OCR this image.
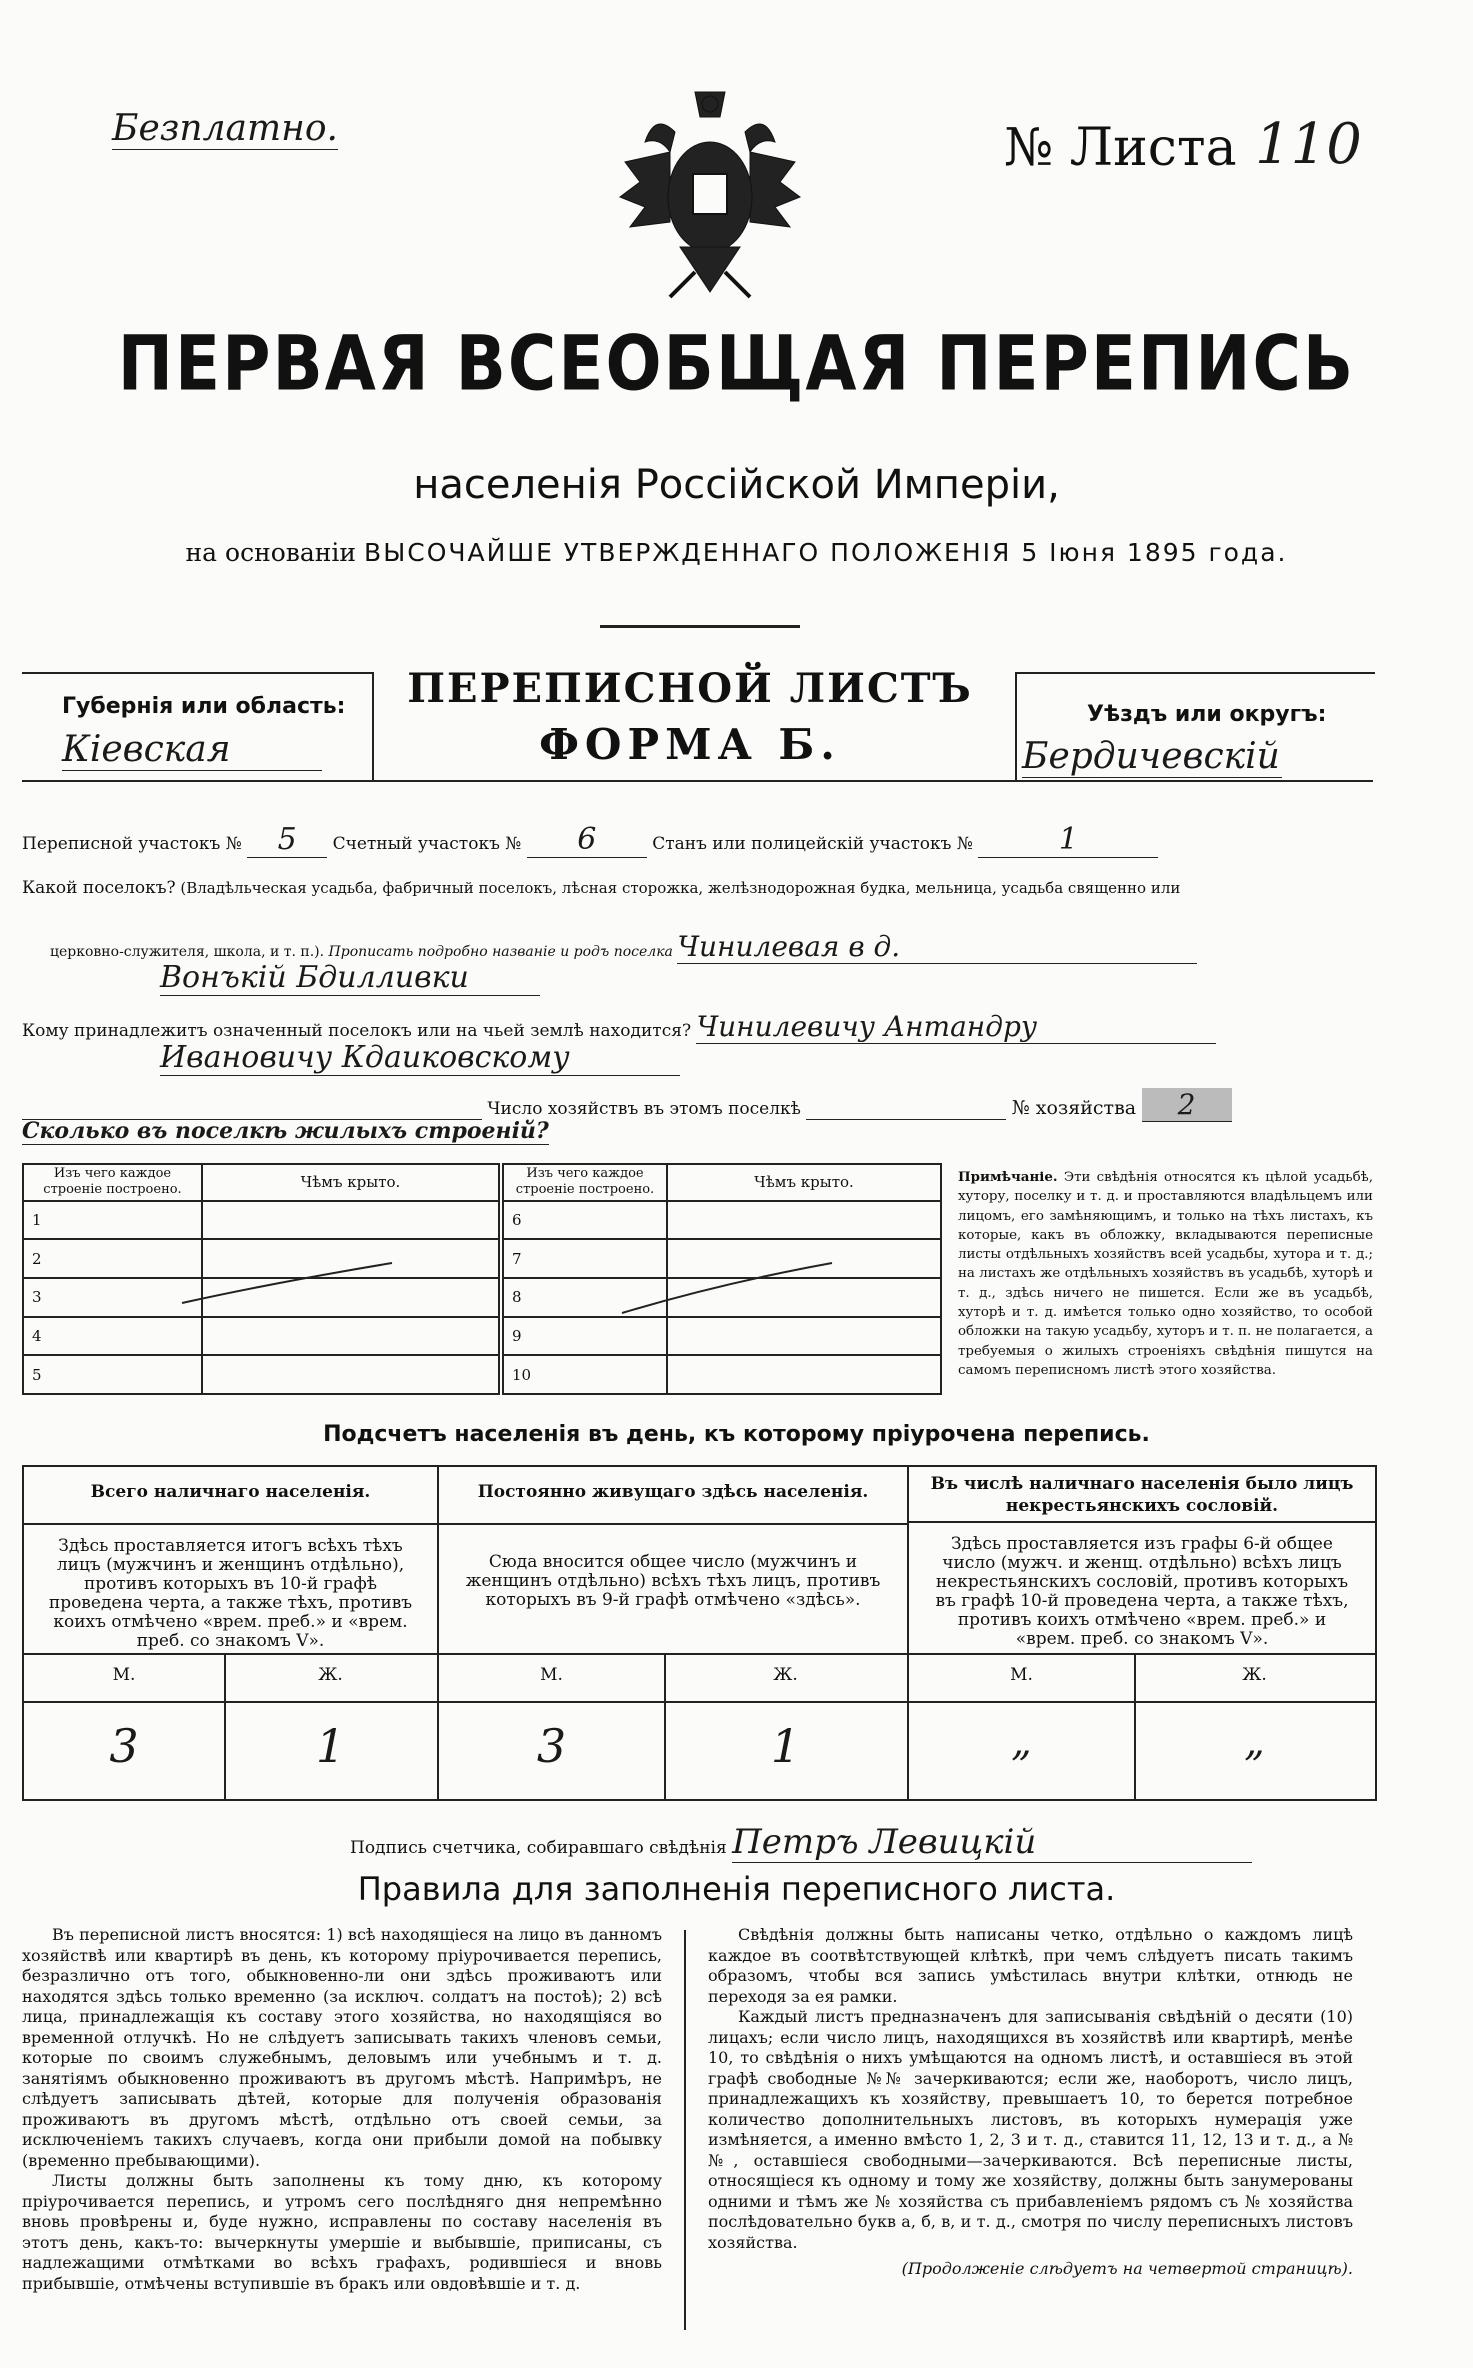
Безплатно.	№ Листа 110
ПЕРВАЯ ВСЕОБЩАЯ ПЕРЕПИСЬ
населенія Россійской Имперіи,
на основаніи ВЫСОЧАЙШЕ УТВЕРЖДЕННАГО ПОЛОЖЕНІЯ 5 Іюня 1895 года.
Губернія или область:
Кіевская
ПЕРЕПИСНОЙ ЛИСТЪ
ФОРМА Б.
Уѣздъ или округъ:
Бердичевскій
Переписной участокъ № 5 Счетный участокъ № 6	Станъ или полицейскій участокъ №	1
Какой поселокъ? (Владѣльческая усадьба, фабричный поселокъ, лѣсная сторожка, желѣзнодорожная будка, мельница, усадьба священно или
церковно-служителя, школа, и т. п.). Прописать подробно названіе и родъ поселка Чинилевая в д.
Вонъкій Бдилливки
Кому принадлежитъ означенный поселокъ или на чьей землѣ находится? Чинилевичу Антандру
Ивановичу Кдаиковскому
Число хозяйствъ въ этомъ поселкѣ	№ хозяйства 2
Сколько въ поселкѣ жилыхъ строеній?
Изъ чего каждое строеніе построено.	Чѣмъ крыто.
1	
2	
3	
4	
5	
Изъ чего каждое строеніе построено.	Чѣмъ крыто.
6	
7	
8	
9	
10	
Примѣчаніе. Эти свѣдѣнія относятся къ цѣлой усадьбѣ, хутору, поселку и т. д. и проставляются владѣльцемъ или лицомъ, его замѣняющимъ, и только на тѣхъ листахъ, къ которые, какъ въ обложку, вкладываются переписные листы отдѣльныхъ хозяйствъ всей усадьбы, хутора и т. д.; на листахъ же отдѣльныхъ хозяйствъ въ усадьбѣ, хуторѣ и т. д., здѣсь ничего не пишется. Если же въ усадьбѣ, хуторѣ и т. д. имѣется только одно хозяйство, то особой обложки на такую усадьбу, хуторъ и т. п. не полагается, а требуемыя о жилыхъ строеніяхъ свѣдѣнія пишутся на самомъ переписномъ листѣ этого хозяйства.
Подсчетъ населенія въ день, къ которому пріурочена перепись.
Всего наличнаго населенія.
Здѣсь проставляется итогъ всѣхъ тѣхъ лицъ (мужчинъ и женщинъ отдѣльно), противъ которыхъ въ 10-й графѣ проведена черта, а также тѣхъ, противъ коихъ отмѣчено «врем. преб.» и «врем. преб. со знакомъ V».
Постоянно живущаго здѣсь населенія.
Сюда вносится общее число (мужчинъ и женщинъ отдѣльно) всѣхъ тѣхъ лицъ, противъ которыхъ въ 9-й графѣ отмѣчено «здѣсь».
Въ числѣ наличнаго населенія было лицъ некрестьянскихъ сословій.
Здѣсь проставляется изъ графы 6-й общее число (мужч. и женщ. отдѣльно) всѣхъ лицъ некрестьянскихъ сословій, противъ которыхъ въ графѣ 10-й проведена черта, а также тѣхъ, противъ коихъ отмѣчено «врем. преб.» и «врем. преб. со знакомъ V».
М.	Ж.	М.	Ж.	М.	Ж.
3	1	3	1	„	„
Подпись счетчика, собиравшаго свѣдѣнія Петръ Левицкій
Правила для заполненія переписного листа.
Въ переписной листъ вносятся: 1) всѣ находящіеся на лицо въ данномъ хозяйствѣ или квартирѣ въ день, къ которому пріурочивается перепись, безразлично отъ того, обыкновенно-ли они здѣсь проживаютъ или находятся здѣсь только временно (за исключ. солдатъ на постоѣ); 2) всѣ лица, принадлежащія къ составу этого хозяйства, но находящіяся во временной отлучкѣ. Но не слѣдуетъ записывать такихъ членовъ семьи, которые по своимъ служебнымъ, деловымъ или учебнымъ и т. д. занятіямъ обыкновенно проживаютъ въ другомъ мѣстѣ. Напримѣръ, не слѣдуетъ записывать дѣтей, которые для полученія образованія проживаютъ въ другомъ мѣстѣ, отдѣльно отъ своей семьи, за исключеніемъ такихъ случаевъ, когда они прибыли домой на побывку (временно пребывающими).
Листы должны быть заполнены къ тому дню, къ которому пріурочивается перепись, и утромъ сего послѣдняго дня непремѣнно вновь провѣрены и, буде нужно, исправлены по составу населенія въ этотъ день, какъ-то: вычеркнуты умершіе и выбывшіе, приписаны, съ надлежащими отмѣтками во всѣхъ графахъ, родившіеся и вновь прибывшіе, отмѣчены вступившіе въ бракъ или овдовѣвшіе и т. д.
Свѣдѣнія должны быть написаны четко, отдѣльно о каждомъ лицѣ каждое въ соотвѣтствующей клѣткѣ, при чемъ слѣдуетъ писать такимъ образомъ, чтобы вся запись умѣстилась внутри клѣтки, отнюдь не переходя за ея рамки.
Каждый листъ предназначенъ для записыванія свѣдѣній о десяти (10) лицахъ; если число лицъ, находящихся въ хозяйствѣ или квартирѣ, менѣе 10, то свѣдѣнія о нихъ умѣщаются на одномъ листѣ, и оставшіеся въ этой графѣ свободные №№ зачеркиваются; если же, наоборотъ, число лицъ, принадлежащихъ къ хозяйству, превышаетъ 10, то берется потребное количество дополнительныхъ листовъ, въ которыхъ нумерація уже измѣняется, а именно вмѣсто 1, 2, 3 и т. д., ставится 11, 12, 13 и т. д., а №№, оставшіеся свободными—зачеркиваются. Всѣ переписные листы, относящіеся къ одному и тому же хозяйству, должны быть занумерованы одними и тѣмъ же № хозяйства съ прибавленіемъ рядомъ съ № хозяйства послѣдовательно букв а, б, в, и т. д., смотря по числу переписныхъ листовъ хозяйства.
(Продолженіе слѣдуетъ на четвертой страницѣ).
